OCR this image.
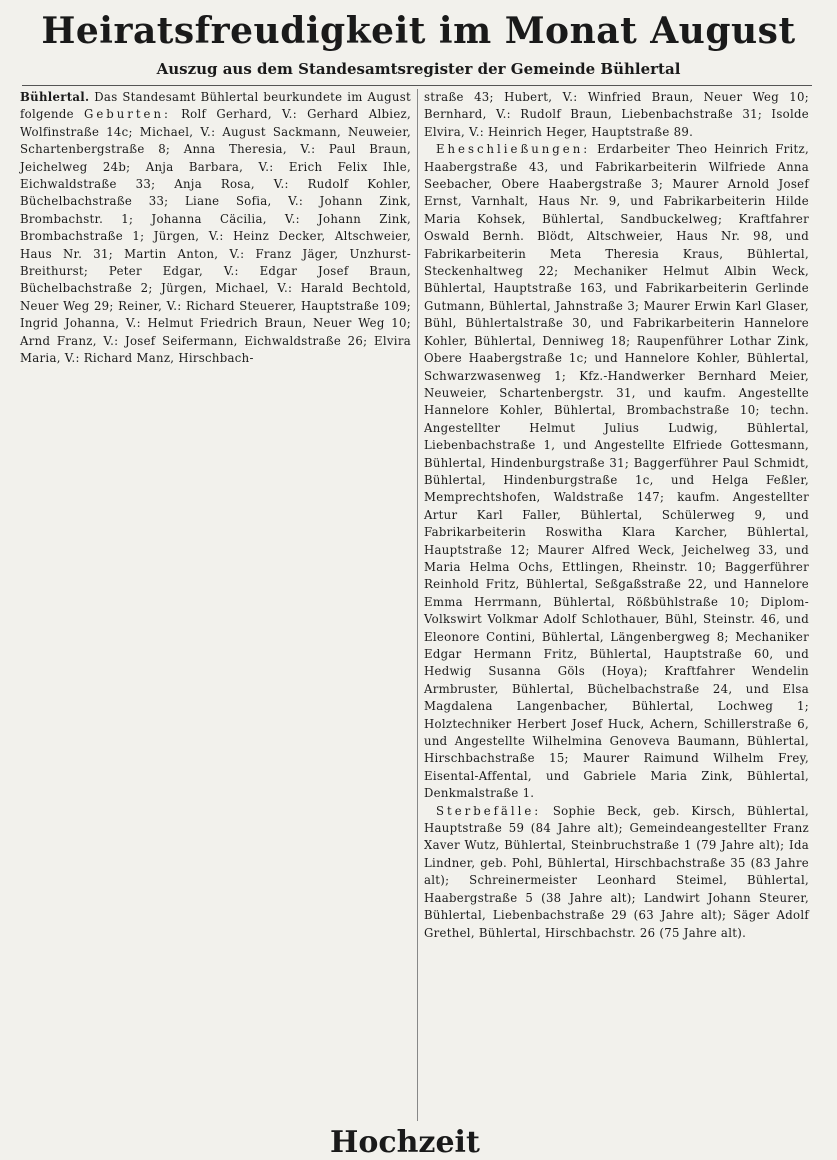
Heiratsfreudigkeit im Monat August
Auszug aus dem Standesamtsregister der Gemeinde Bühlertal

Bühlertal. Das Standesamt Bühlertal beurkundete im August folgende Geburten: Rolf Gerhard, V.: Gerhard Albiez, Wolfinstraße 14c; Michael, V.: August Sackmann, Neuweier, Schartenbergstraße 8; Anna Theresia, V.: Paul Braun, Jeichelweg 24b; Anja Barbara, V.: Erich Felix Ihle, Eichwaldstraße 33; Anja Rosa, V.: Rudolf Kohler, Büchelbachstraße 33; Liane Sofia, V.: Johann Zink, Brombachstr. 1; Johanna Cäcilia, V.: Johann Zink, Brombachstraße 1; Jürgen, V.: Heinz Decker, Altschweier, Haus Nr. 31; Martin Anton, V.: Franz Jäger, Unzhurst-Breithurst; Peter Edgar, V.: Edgar Josef Braun, Büchelbachstraße 2; Jürgen, Michael, V.: Harald Bechtold, Neuer Weg 29; Reiner, V.: Richard Steuerer, Hauptstraße 109; Ingrid Johanna, V.: Helmut Friedrich Braun, Neuer Weg 10; Arnd Franz, V.: Josef Seifermann, Eichwaldstraße 26; Elvira Maria, V.: Richard Manz, Hirschbach-

straße 43; Hubert, V.: Winfried Braun, Neuer Weg 10; Bernhard, V.: Rudolf Braun, Liebenbachstraße 31; Isolde Elvira, V.: Heinrich Heger, Hauptstraße 89.

Eheschließungen: Erdarbeiter Theo Heinrich Fritz, Haabergstraße 43, und Fabrikarbeiterin Wilfriede Anna Seebacher, Obere Haabergstraße 3; Maurer Arnold Josef Ernst, Varnhalt, Haus Nr. 9, und Fabrikarbeiterin Hilde Maria Kohsek, Bühlertal, Sandbuckelweg; Kraftfahrer Oswald Bernh. Blödt, Altschweier, Haus Nr. 98, und Fabrikarbeiterin Meta Theresia Kraus, Bühlertal, Steckenhaltweg 22; Mechaniker Helmut Albin Weck, Bühlertal, Hauptstraße 163, und Fabrikarbeiterin Gerlinde Gutmann, Bühlertal, Jahnstraße 3; Maurer Erwin Karl Glaser, Bühl, Bühlertalstraße 30, und Fabrikarbeiterin Hannelore Kohler, Bühlertal, Denniweg 18; Raupenführer Lothar Zink, Obere Haabergstraße 1c; und Hannelore Kohler, Bühlertal, Schwarzwasenweg 1; Kfz.-Handwerker Bernhard Meier, Neuweier, Schartenbergstr. 31, und kaufm. Angestellte Hannelore Kohler, Bühlertal, Brombachstraße 10; techn. Angestellter Helmut Julius Ludwig, Bühlertal, Liebenbachstraße 1, und Angestellte Elfriede Gottesmann, Bühlertal, Hindenburgstraße 31; Baggerführer Paul Schmidt, Bühlertal, Hindenburgstraße 1c, und Helga Feßler, Memprechtshofen, Waldstraße 147; kaufm. Angestellter Artur Karl Faller, Bühlertal, Schülerweg 9, und Fabrikarbeiterin Roswitha Klara Karcher, Bühlertal, Hauptstraße 12; Maurer Alfred Weck, Jeichelweg 33, und Maria Helma Ochs, Ettlingen, Rheinstr. 10; Baggerführer Reinhold Fritz, Bühlertal, Seßgaßstraße 22, und Hannelore Emma Herrmann, Bühlertal, Rößbühlstraße 10; Diplom-Volkswirt Volkmar Adolf Schlothauer, Bühl, Steinstr. 46, und Eleonore Contini, Bühlertal, Längenbergweg 8; Mechaniker Edgar Hermann Fritz, Bühlertal, Hauptstraße 60, und Hedwig Susanna Göls (Hoya); Kraftfahrer Wendelin Armbruster, Bühlertal, Büchelbachstraße 24, und Elsa Magdalena Langenbacher, Bühlertal, Lochweg 1; Holztechniker Herbert Josef Huck, Achern, Schillerstraße 6, und Angestellte Wilhelmina Genoveva Baumann, Bühlertal, Hirschbachstraße 15; Maurer Raimund Wilhelm Frey, Eisental-Affental, und Gabriele Maria Zink, Bühlertal, Denkmalstraße 1.

Sterbefälle: Sophie Beck, geb. Kirsch, Bühlertal, Hauptstraße 59 (84 Jahre alt); Gemeindeangestellter Franz Xaver Wutz, Bühlertal, Steinbruchstraße 1 (79 Jahre alt); Ida Lindner, geb. Pohl, Bühlertal, Hirschbachstraße 35 (83 Jahre alt); Schreinermeister Leonhard Steimel, Bühlertal, Haabergstraße 5 (38 Jahre alt); Landwirt Johann Steurer, Bühlertal, Liebenbachstraße 29 (63 Jahre alt); Säger Adolf Grethel, Bühlertal, Hirschbachstr. 26 (75 Jahre alt).

Hochzeit
